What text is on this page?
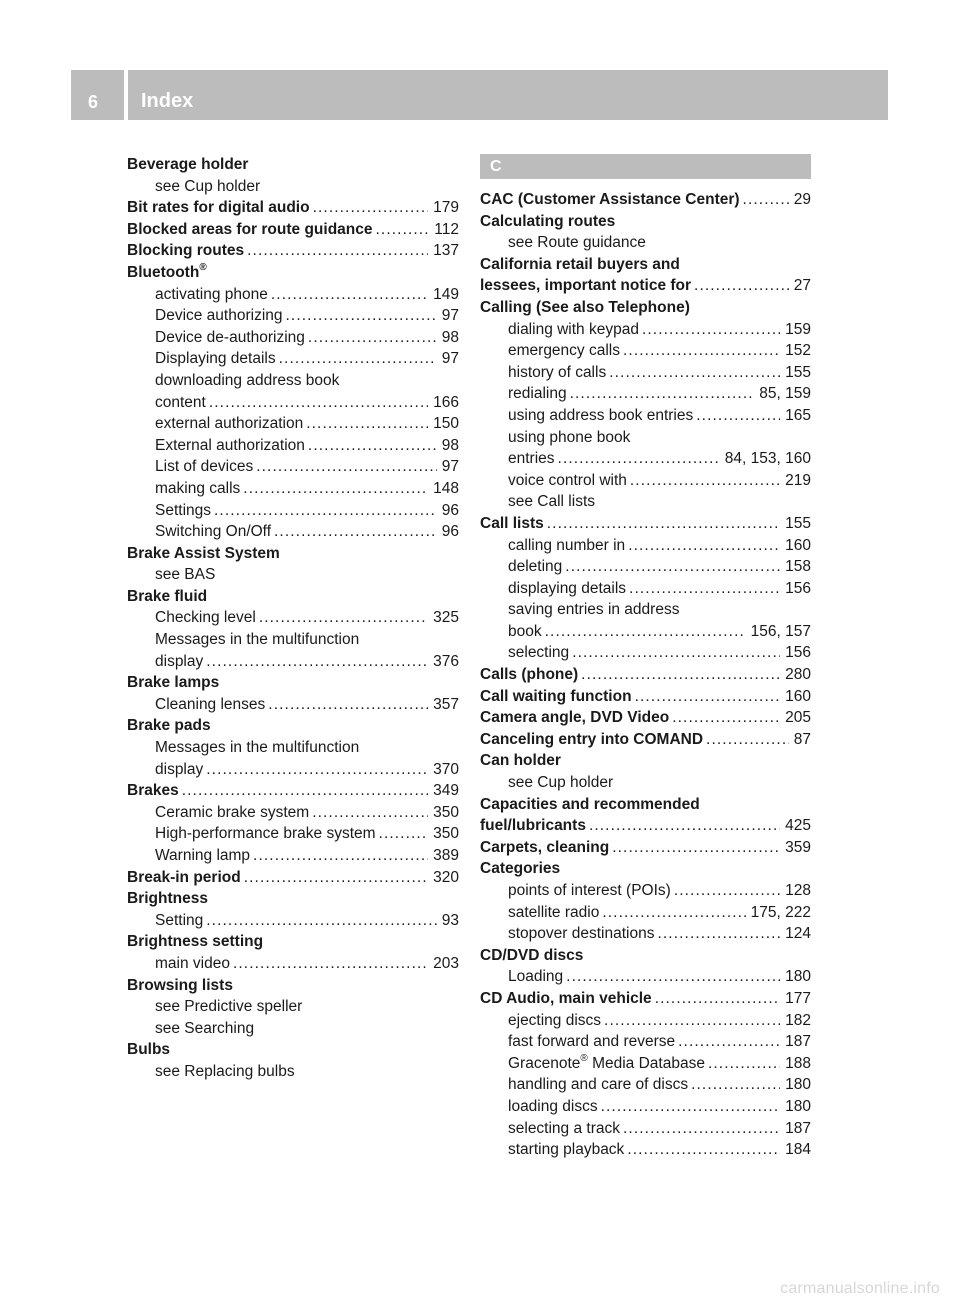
6 Index
Beverage holder
see Cup holder
Bit rates for digital audio . . .	179
Blocked areas for route guidance . . .	112
Blocking routes . . .	137
Bluetooth®
activating phone . . .	149
Device authorizing . . .	97
Device de-authorizing . . .	98
Displaying details . . .	97
downloading address book
content . . .	166
external authorization . . .	150
External authorization . . .	98
List of devices . . .	97
making calls . . .	148
Settings . . .	96
Switching On/Off . . .	96
Brake Assist System
see BAS
Brake fluid
Checking level . . .	325
Messages in the multifunction
display . . .	376
Brake lamps
Cleaning lenses . . .	357
Brake pads
Messages in the multifunction
display . . .	370
Brakes . . .	349
Ceramic brake system . . .	350
High-performance brake system . . .	350
Warning lamp . . .	389
Break-in period . . .	320
Brightness
Setting . . .	93
Brightness setting
main video . . .	203
Browsing lists
see Predictive speller
see Searching
Bulbs
see Replacing bulbs
C
CAC (Customer Assistance Center) . . .	29
Calculating routes
see Route guidance
California retail buyers and
lessees, important notice for . . .	27
Calling (See also Telephone)
dialing with keypad . . .	159
emergency calls . . .	152
history of calls . . .	155
redialing . . .	85, 159
using address book entries . . .	165
using phone book
entries . . .	84, 153, 160
voice control with . . .	219
see Call lists
Call lists . . .	155
calling number in . . .	160
deleting . . .	158
displaying details . . .	156
saving entries in address
book . . .	156, 157
selecting . . .	156
Calls (phone) . . .	280
Call waiting function . . .	160
Camera angle, DVD Video . . .	205
Canceling entry into COMAND . . .	87
Can holder
see Cup holder
Capacities and recommended
fuel/lubricants . . .	425
Carpets, cleaning . . .	359
Categories
points of interest (POIs) . . .	128
satellite radio . . .	175, 222
stopover destinations . . .	124
CD/DVD discs
Loading . . .	180
CD Audio, main vehicle . . .	177
ejecting discs . . .	182
fast forward and reverse . . .	187
Gracenote® Media Database . . .	188
handling and care of discs . . .	180
loading discs . . .	180
selecting a track . . .	187
starting playback . . .	184
carmanualsonline.info
